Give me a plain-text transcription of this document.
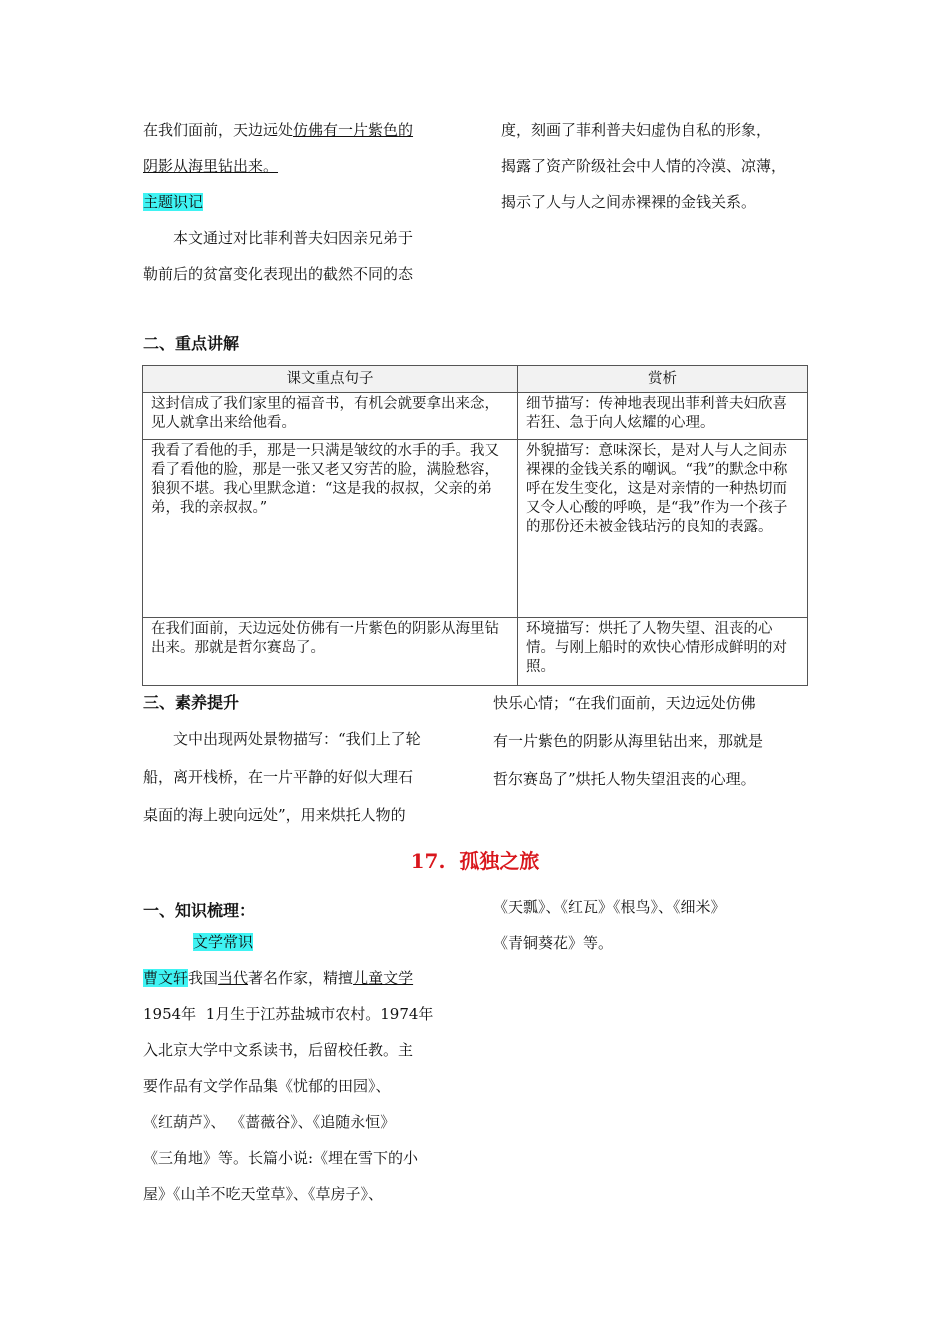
在我们面前，天边远处仿佛有一片紫色的

阴影从海里钻出来。

主题识记

本文通过对比菲利普夫妇因亲兄弟于

勒前后的贫富变化表现出的截然不同的态

度，刻画了菲利普夫妇虚伪自私的形象，

揭露了资产阶级社会中人情的冷漠、凉薄，

揭示了人与人之间赤裸裸的金钱关系。

二、重点讲解
课文重点句子	赏析
这封信成了我们家里的福音书，有机会就要拿出来念，见人就拿出来给他看。	细节描写：传神地表现出菲利普夫妇欣喜若狂、急于向人炫耀的心理。
我看了看他的手，那是一只满是皱纹的水手的手。我又看了看他的脸，那是一张又老又穷苦的脸，满脸愁容，狼狈不堪。我心里默念道：“这是我的叔叔，父亲的弟弟，我的亲叔叔。”	外貌描写：意味深长，是对人与人之间赤裸裸的金钱关系的嘲讽。“我”的默念中称呼在发生变化，这是对亲情的一种热切而又令人心酸的呼唤，是“我”作为一个孩子的那份还未被金钱玷污的良知的表露。
在我们面前，天边远处仿佛有一片紫色的阴影从海里钻出来。那就是哲尔赛岛了。	环境描写：烘托了人物失望、沮丧的心情。与刚上船时的欢快心情形成鲜明的对照。
三、素养提升

文中出现两处景物描写：“我们上了轮

船，离开栈桥，在一片平静的好似大理石

桌面的海上驶向远处”，用来烘托人物的

快乐心情；“在我们面前，天边远处仿佛

有一片紫色的阴影从海里钻出来，那就是

哲尔赛岛了”烘托人物失望沮丧的心理。

17.  孤独之旅
一、知识梳理：

文学常识

曹文轩我国当代著名作家，精擅儿童文学

1954年  1月生于江苏盐城市农村。1974年

入北京大学中文系读书，后留校任教。主

要作品有文学作品集《忧郁的田园》、

《红葫芦》、 《蔷薇谷》、《追随永恒》

《三角地》等。长篇小说:《埋在雪下的小

屋》《山羊不吃天堂草》、《草房子》、

《天瓢》、《红瓦》《根鸟》、《细米》

《青铜葵花》等。
